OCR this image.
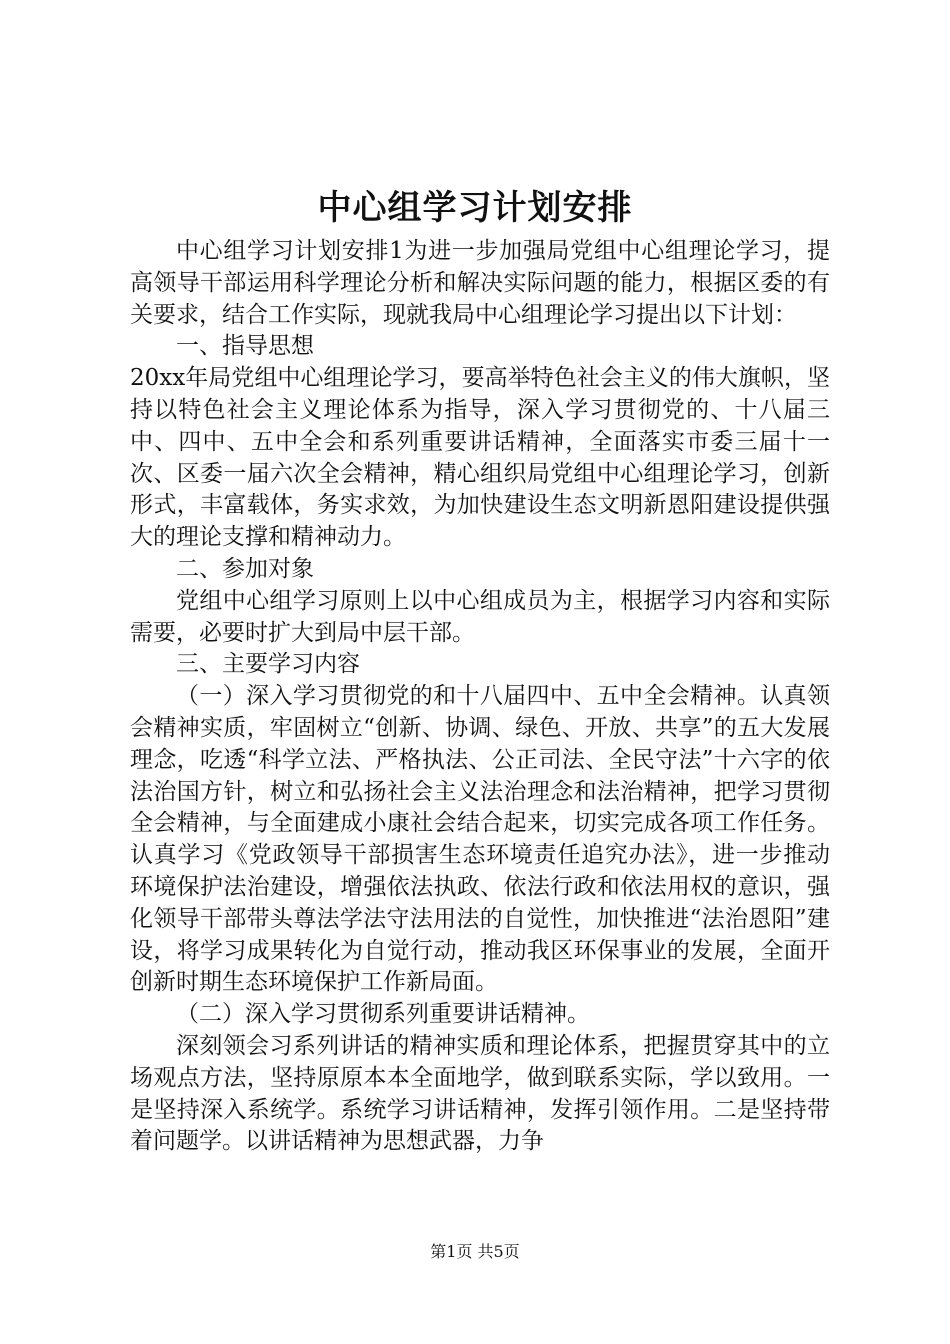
中心组学习计划安排

中心组学习计划安排1为进一步加强局党组中心组理论学习，提高领导干部运用科学理论分析和解决实际问题的能力，根据区委的有关要求，结合工作实际，现就我局中心组理论学习提出以下计划：

一、指导思想

20xx年局党组中心组理论学习，要高举特色社会主义的伟大旗帜，坚持以特色社会主义理论体系为指导，深入学习贯彻党的、十八届三中、四中、五中全会和系列重要讲话精神，全面落实市委三届十一次、区委一届六次全会精神，精心组织局党组中心组理论学习，创新形式，丰富载体，务实求效，为加快建设生态文明新恩阳建设提供强大的理论支撑和精神动力。

二、参加对象

党组中心组学习原则上以中心组成员为主，根据学习内容和实际需要，必要时扩大到局中层干部。

三、主要学习内容

（一）深入学习贯彻党的和十八届四中、五中全会精神。认真领会精神实质，牢固树立“创新、协调、绿色、开放、共享”的五大发展理念，吃透“科学立法、严格执法、公正司法、全民守法”十六字的依法治国方针，树立和弘扬社会主义法治理念和法治精神，把学习贯彻全会精神，与全面建成小康社会结合起来，切实完成各项工作任务。认真学习《党政领导干部损害生态环境责任追究办法》，进一步推动环境保护法治建设，增强依法执政、依法行政和依法用权的意识，强化领导干部带头尊法学法守法用法的自觉性，加快推进“法治恩阳”建设，将学习成果转化为自觉行动，推动我区环保事业的发展，全面开创新时期生态环境保护工作新局面。

（二）深入学习贯彻系列重要讲话精神。

深刻领会习系列讲话的精神实质和理论体系，把握贯穿其中的立场观点方法，坚持原原本本全面地学，做到联系实际，学以致用。一是坚持深入系统学。系统学习讲话精神，发挥引领作用。二是坚持带着问题学。以讲话精神为思想武器，力争

第1页 共5页
